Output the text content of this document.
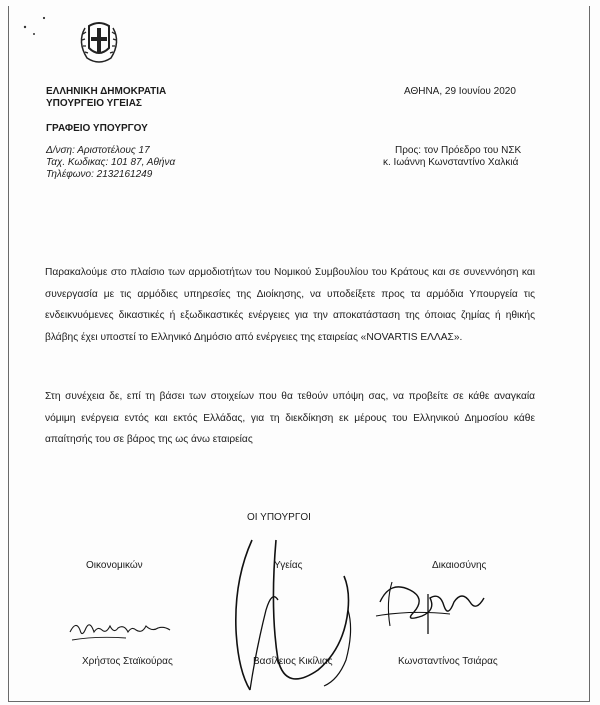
ΕΛΛΗΝΙΚΗ ΔΗΜΟΚΡΑΤΙΑ
ΥΠΟΥΡΓΕΙΟ ΥΓΕΙΑΣ
ΓΡΑΦΕΙΟ ΥΠΟΥΡΓΟΥ
Δ/νση: Αριστοτέλους 17
Ταχ. Κωδικας: 101 87, Αθήνα
Τηλέφωνο: 2132161249
ΑΘΗΝΑ, 29 Ιουνίου 2020
Προς: τον Πρόεδρο του ΝΣΚ
κ. Ιωάννη Κωνσταντίνο Χαλκιά

Παρακαλούμε στο πλαίσιο των αρμοδιοτήτων του Νομικού Συμβουλίου του Κράτους και σε συνεννόηση και συνεργασία με τις αρμόδιες υπηρεσίες της Διοίκησης, να υποδείξετε προς τα αρμόδια Υπουργεία τις ενδεικνυόμενες δικαστικές ή εξωδικαστικές ενέργειες για την αποκατάσταση της όποιας ζημίας ή ηθικής βλάβης έχει υποστεί το Ελληνικό Δημόσιο από ενέργειες της εταιρείας «NOVARTIS ΕΛΛΑΣ».

Στη συνέχεια δε, επί τη βάσει των στοιχείων που θα τεθούν υπόψη σας, να προβείτε σε κάθε αναγκαία νόμιμη ενέργεια εντός και εκτός Ελλάδας, για τη διεκδίκηση εκ μέρους του Ελληνικού Δημοσίου κάθε απαίτησής του σε βάρος της ως άνω εταιρείας

ΟΙ ΥΠΟΥΡΓΟΙ
Οικονομικών	Υγείας	Δικαιοσύνης
Χρήστος Σταϊκούρας	Βασίλειος Κικίλιας	Κωνσταντίνος Τσιάρας
